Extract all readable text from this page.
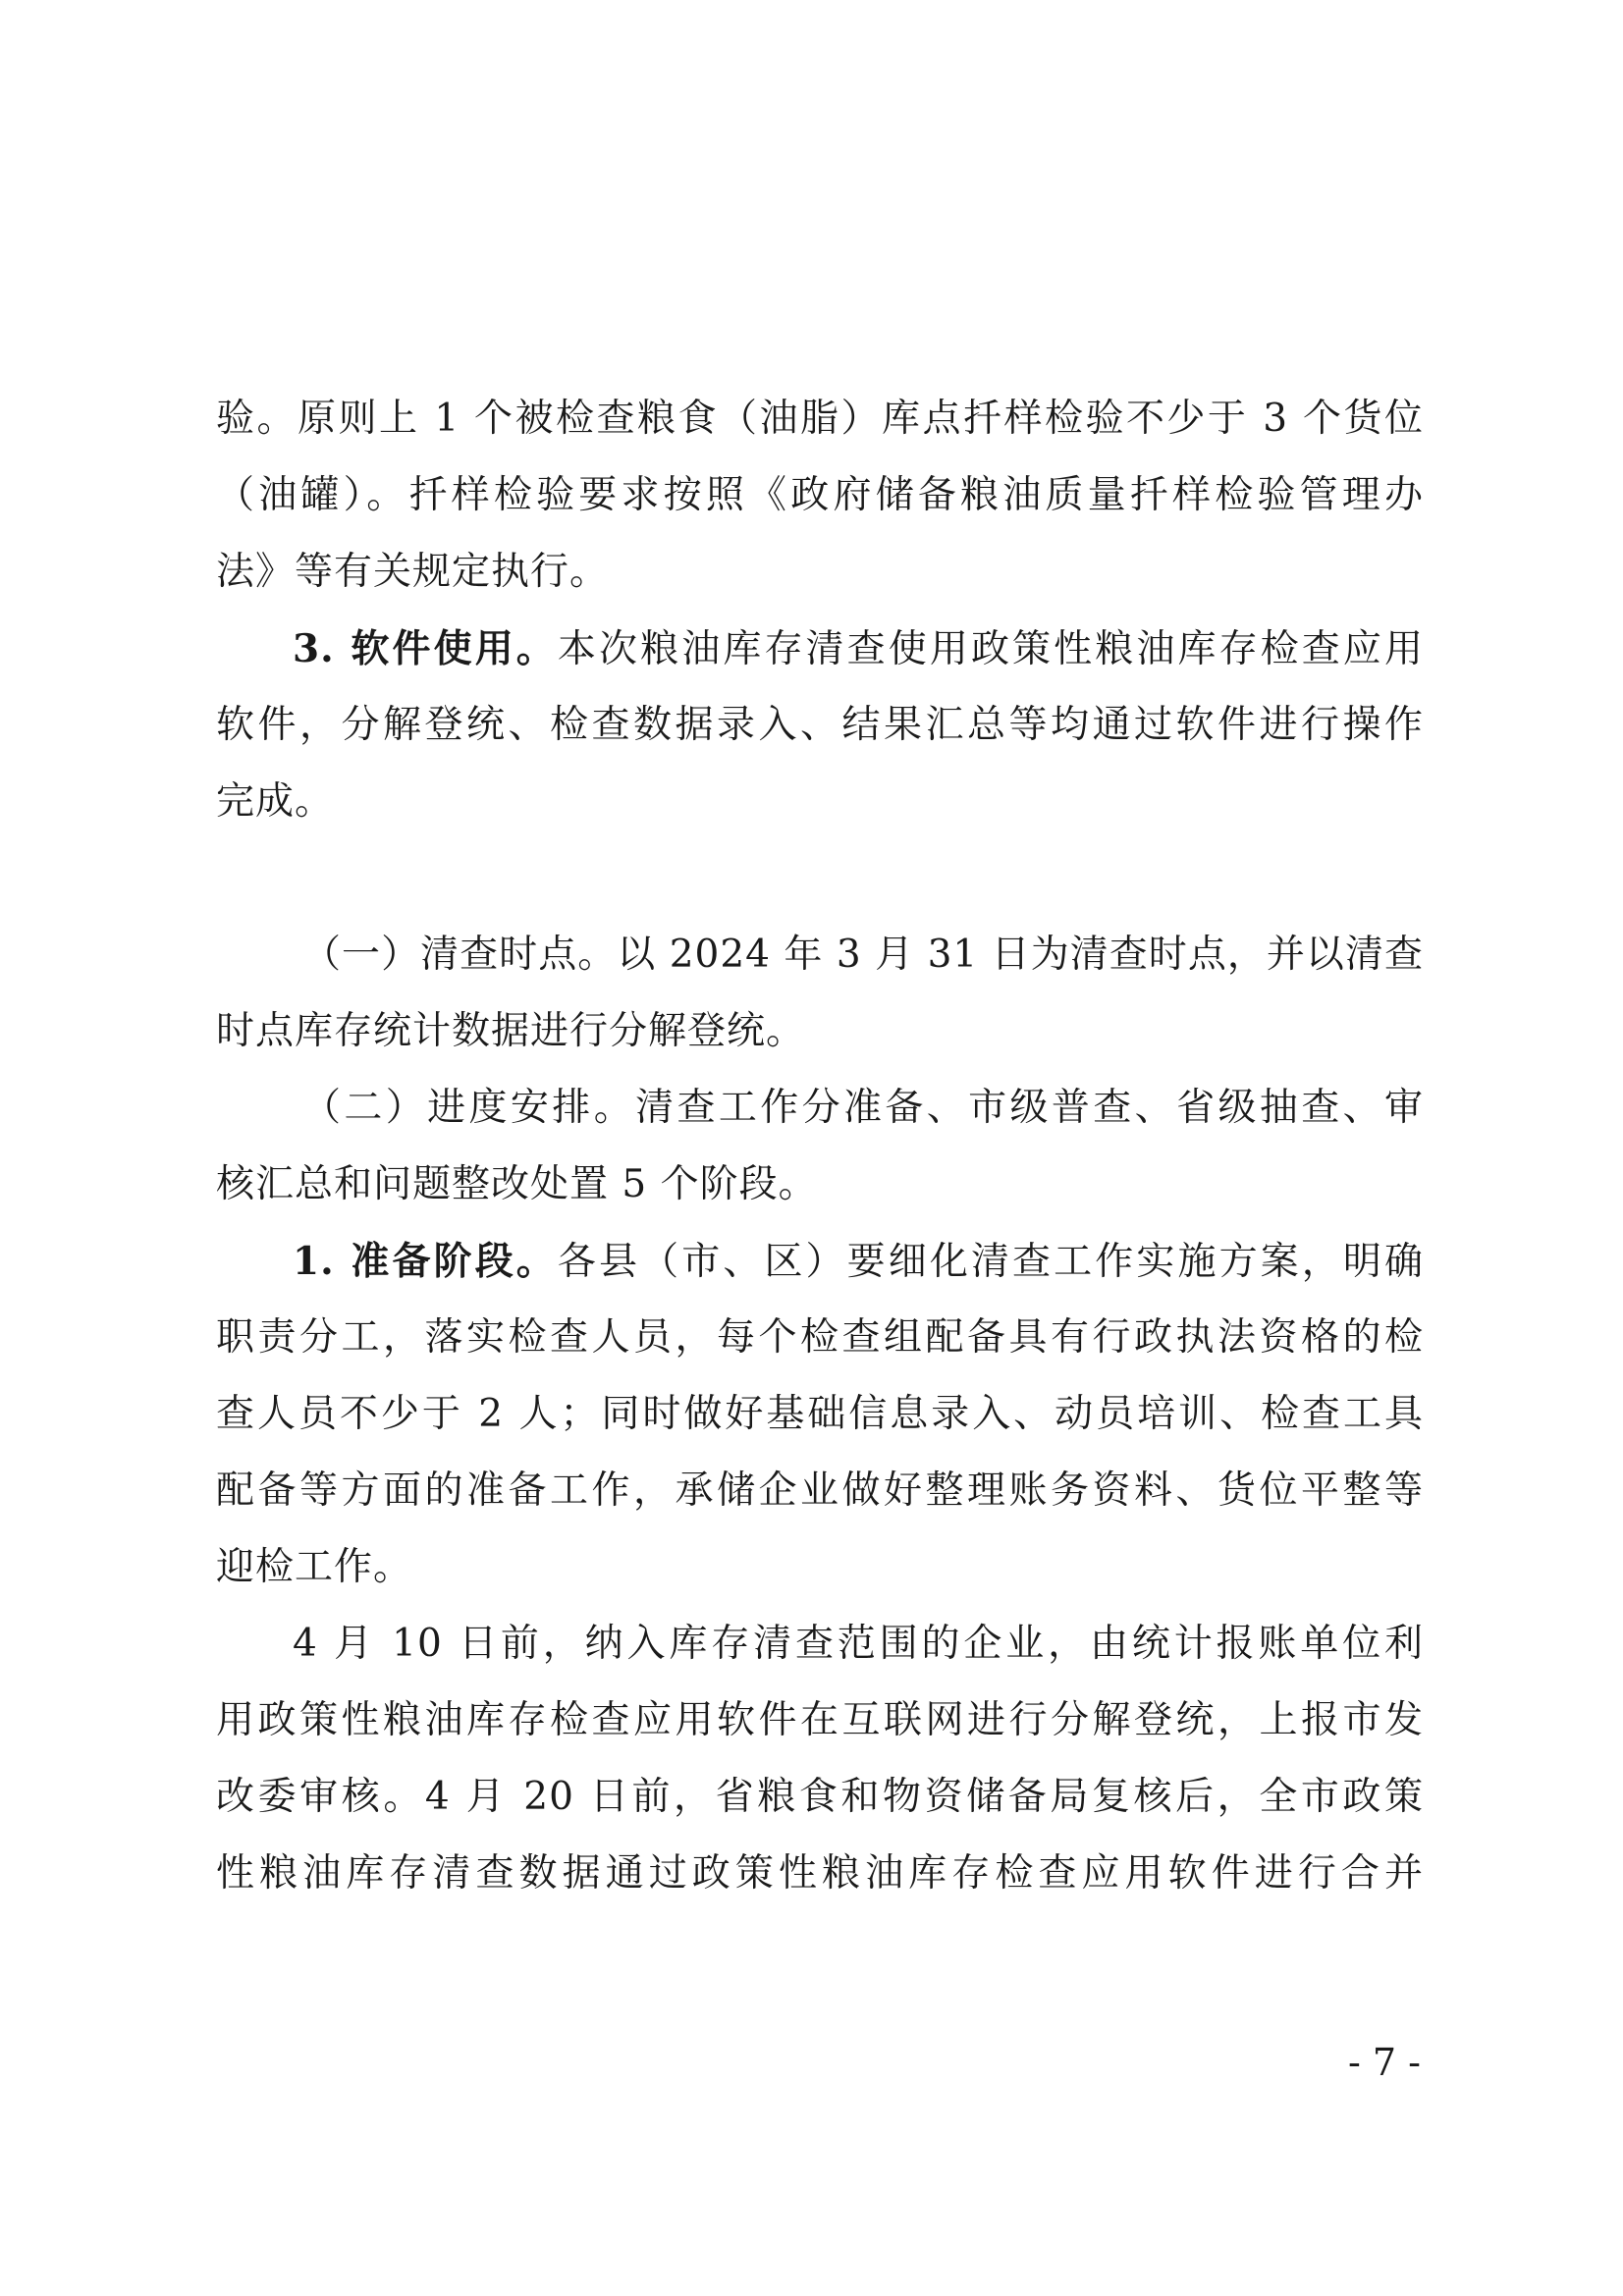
验。原则上 1 个被检查粮食（油脂）库点扦样检验不少于 3 个货位
（油罐）。扦样检验要求按照《政府储备粮油质量扦样检验管理办
法》等有关规定执行。
3. 软件使用。本次粮油库存清查使用政策性粮油库存检查应用
软件，分解登统、检查数据录入、结果汇总等均通过软件进行操作
完成。
（一）清查时点。以 2024 年 3 月 31 日为清查时点，并以清查
时点库存统计数据进行分解登统。
（二）进度安排。清查工作分准备、市级普查、省级抽查、审
核汇总和问题整改处置 5 个阶段。
1. 准备阶段。各县（市、区）要细化清查工作实施方案，明确
职责分工，落实检查人员，每个检查组配备具有行政执法资格的检
查人员不少于 2 人；同时做好基础信息录入、动员培训、检查工具
配备等方面的准备工作，承储企业做好整理账务资料、货位平整等
迎检工作。
4 月 10 日前，纳入库存清查范围的企业，由统计报账单位利
用政策性粮油库存检查应用软件在互联网进行分解登统，上报市发
改委审核。4 月 20 日前，省粮食和物资储备局复核后，全市政策
性粮油库存清查数据通过政策性粮油库存检查应用软件进行合并
- 7 -
